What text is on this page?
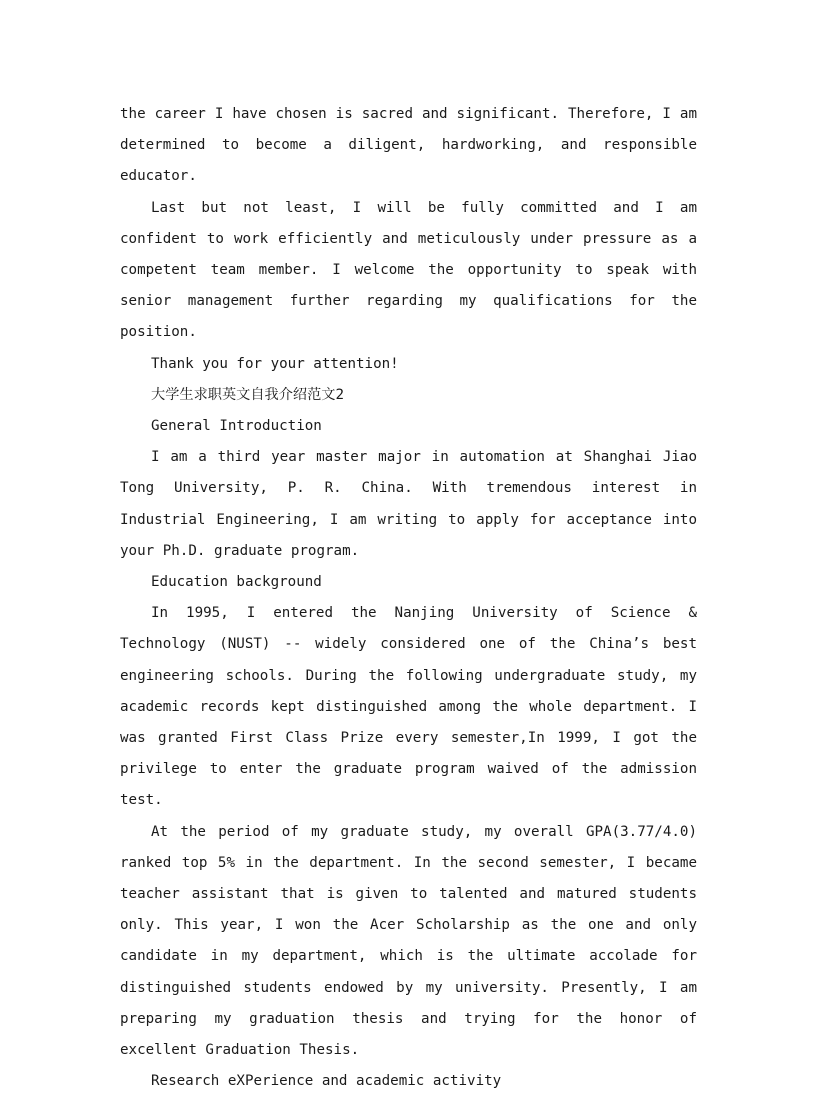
the career I have chosen is sacred and significant. Therefore, I am determined to become a diligent, hardworking, and responsible educator.

Last but not least, I will be fully committed and I am confident to work efficiently and meticulously under pressure as a competent team member. I welcome the opportunity to speak with senior management further regarding my qualifications for the position.

Thank you for your attention!

大学生求职英文自我介绍范文2

General Introduction

I am a third year master major in automation at Shanghai Jiao Tong University, P. R. China. With tremendous interest in Industrial Engineering, I am writing to apply for acceptance into your Ph.D. graduate program.

Education background

In 1995, I entered the Nanjing University of Science & Technology (NUST) -- widely considered one of the China’s best engineering schools. During the following undergraduate study, my academic records kept distinguished among the whole department. I was granted First Class Prize every semester,In 1999, I got the privilege to enter the graduate program waived of the admission test.

At the period of my graduate study, my overall GPA(3.77/4.0) ranked top 5% in the department. In the second semester, I became teacher assistant that is given to talented and matured students only. This year, I won the Acer Scholarship as the one and only candidate in my department, which is the ultimate accolade for distinguished students endowed by my university. Presently, I am preparing my graduation thesis and trying for the honor of excellent Graduation Thesis.

Research eXPerience and academic activity
